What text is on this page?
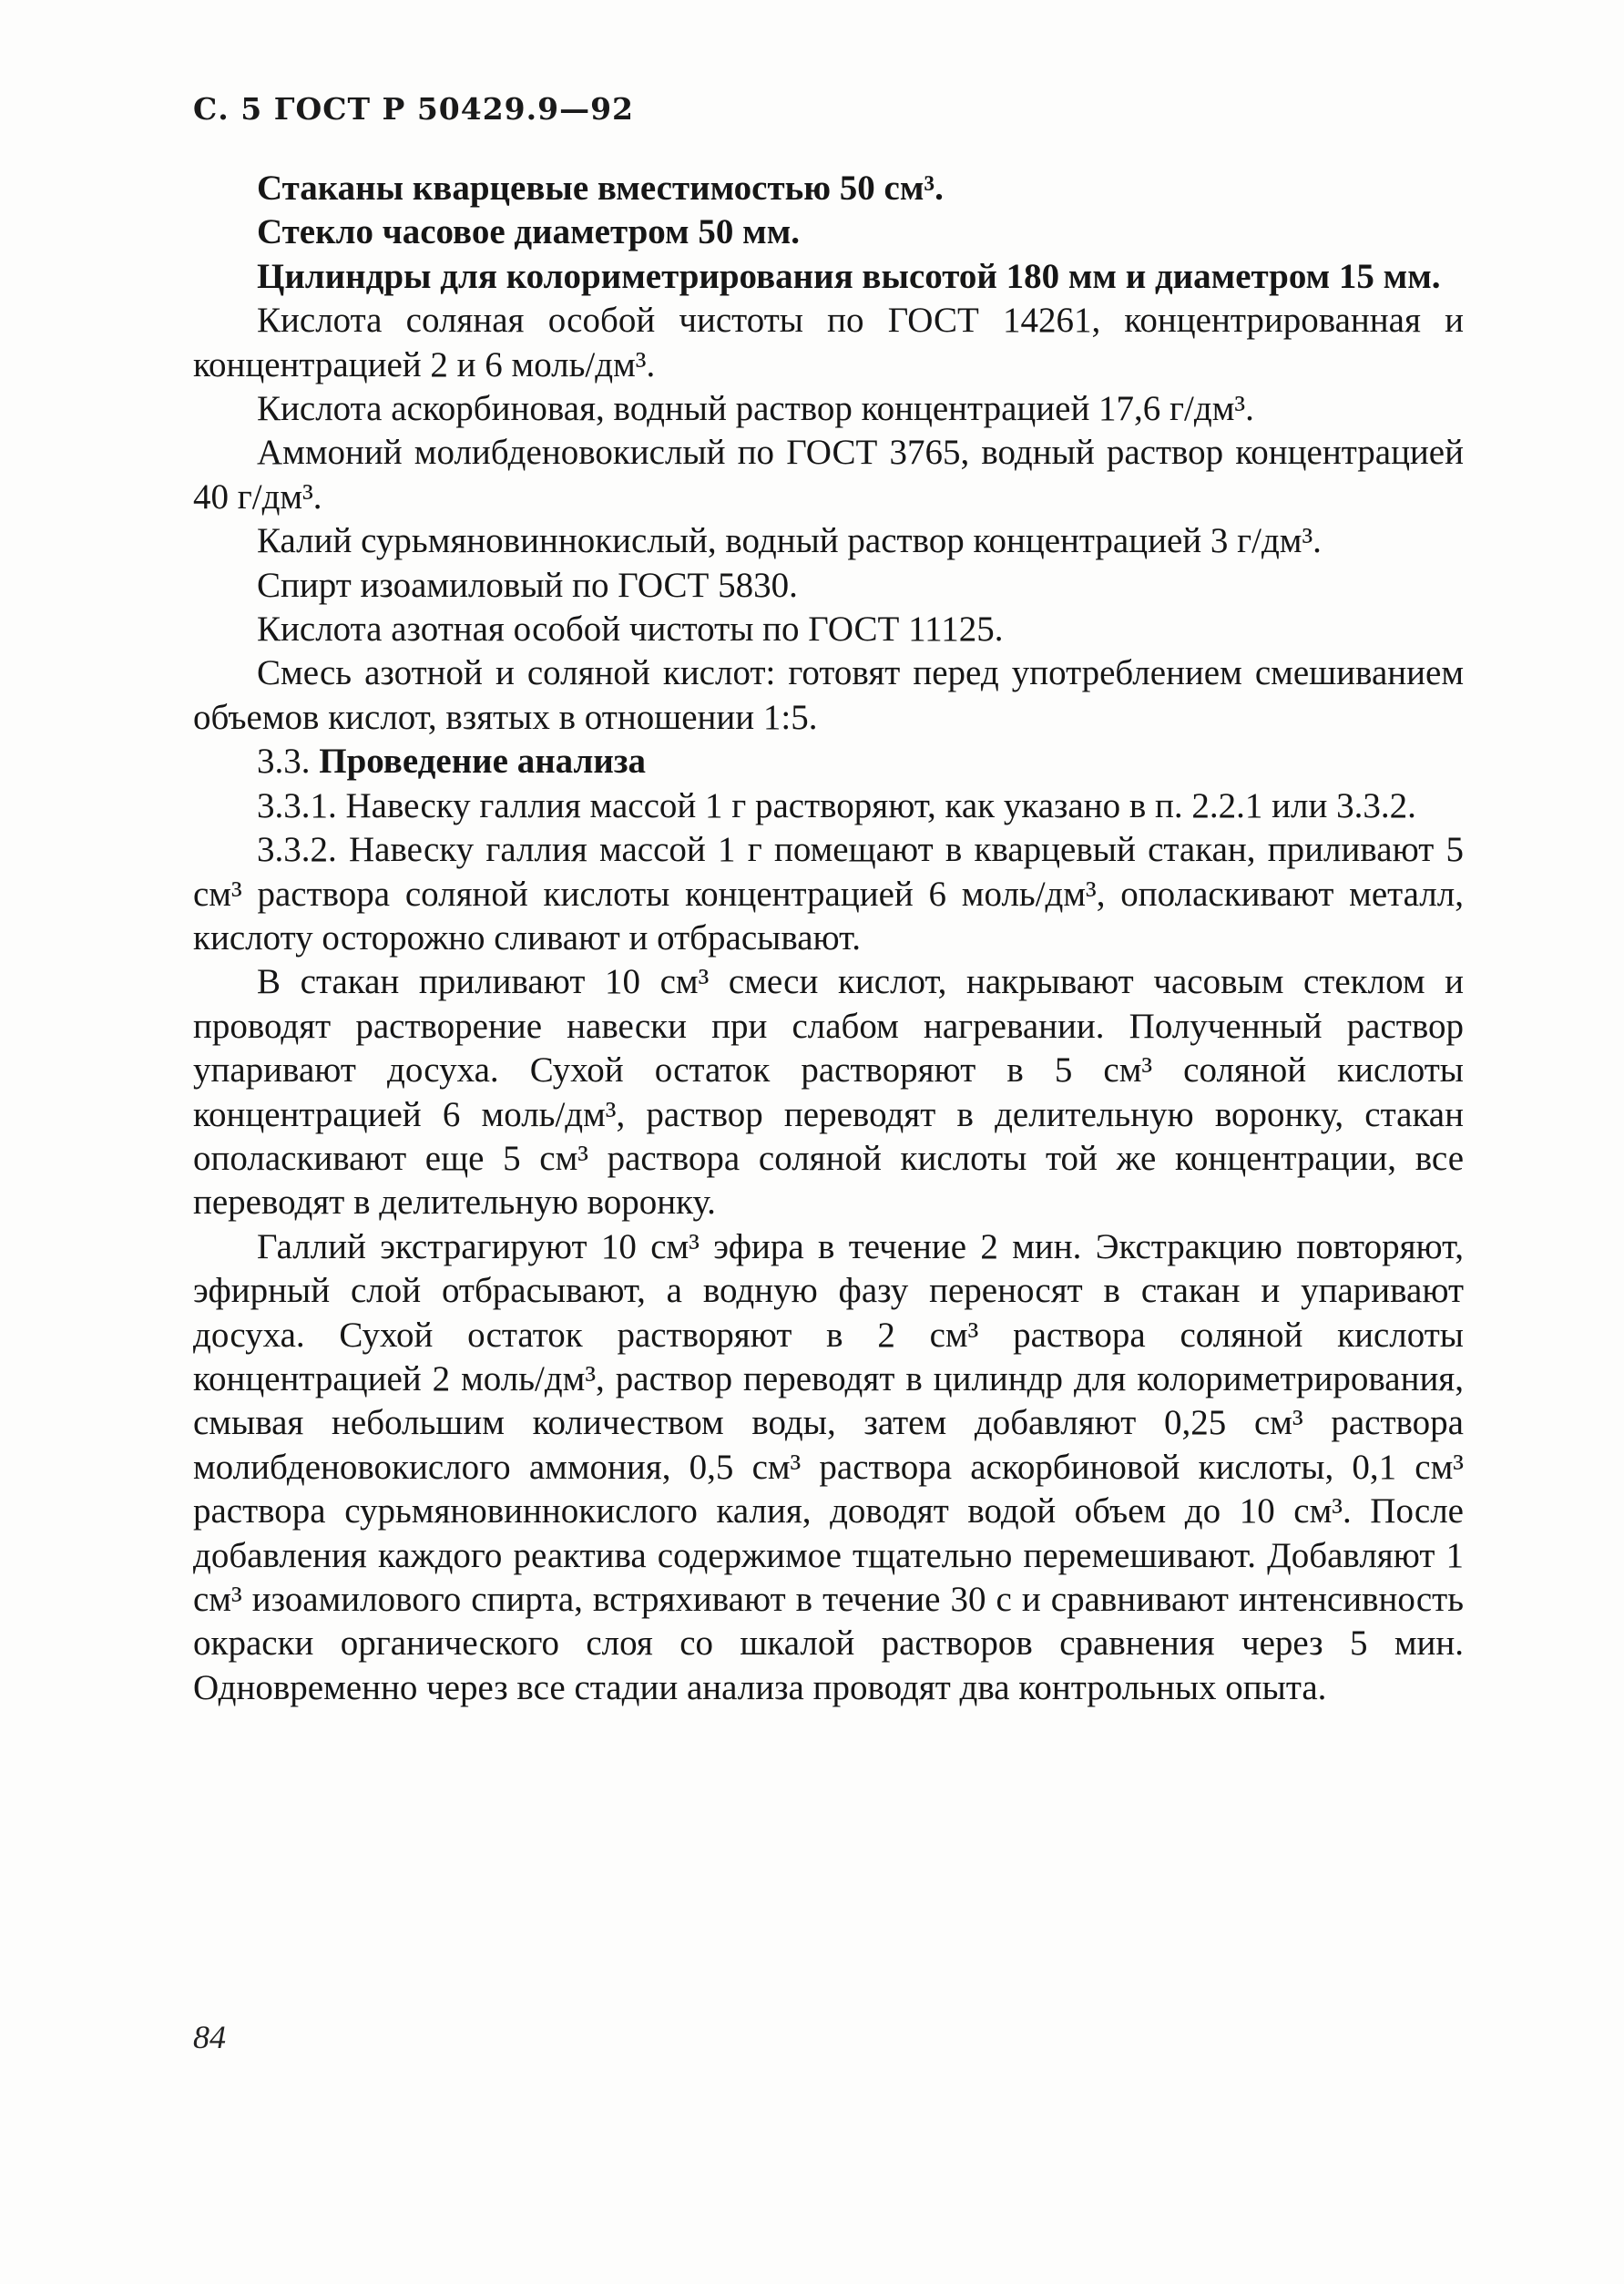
С. 5 ГОСТ Р 50429.9—92

Стаканы кварцевые вместимостью 50 см³.

Стекло часовое диаметром 50 мм.

Цилиндры для колориметрирования высотой 180 мм и диаметром 15 мм.

Кислота соляная особой чистоты по ГОСТ 14261, концентрированная и концентрацией 2 и 6 моль/дм³.

Кислота аскорбиновая, водный раствор концентрацией 17,6 г/дм³.

Аммоний молибденовокислый по ГОСТ 3765, водный раствор концентрацией 40 г/дм³.

Калий сурьмяновиннокислый, водный раствор концентрацией 3 г/дм³.

Спирт изоамиловый по ГОСТ 5830.

Кислота азотная особой чистоты по ГОСТ 11125.

Смесь азотной и соляной кислот: готовят перед употреблением смешиванием объемов кислот, взятых в отношении 1:5.

3.3. Проведение анализа

3.3.1. Навеску галлия массой 1 г растворяют, как указано в п. 2.2.1 или 3.3.2.

3.3.2. Навеску галлия массой 1 г помещают в кварцевый стакан, приливают 5 см³ раствора соляной кислоты концентрацией 6 моль/дм³, ополаскивают металл, кислоту осторожно сливают и отбрасывают.

В стакан приливают 10 см³ смеси кислот, накрывают часовым стеклом и проводят растворение навески при слабом нагревании. Полученный раствор упаривают досуха. Сухой остаток растворяют в 5 см³ соляной кислоты концентрацией 6 моль/дм³, раствор переводят в делительную воронку, стакан ополаскивают еще 5 см³ раствора соляной кислоты той же концентрации, все переводят в делительную воронку.

Галлий экстрагируют 10 см³ эфира в течение 2 мин. Экстракцию повторяют, эфирный слой отбрасывают, а водную фазу переносят в стакан и упаривают досуха. Сухой остаток растворяют в 2 см³ раствора соляной кислоты концентрацией 2 моль/дм³, раствор переводят в цилиндр для колориметрирования, смывая небольшим количеством воды, затем добавляют 0,25 см³ раствора молибденовокислого аммония, 0,5 см³ раствора аскорбиновой кислоты, 0,1 см³ раствора сурьмяновиннокислого калия, доводят водой объем до 10 см³. После добавления каждого реактива содержимое тщательно перемешивают. Добавляют 1 см³ изоамилового спирта, встряхивают в течение 30 с и сравнивают интенсивность окраски органического слоя со шкалой растворов сравнения через 5 мин. Одновременно через все стадии анализа проводят два контрольных опыта.

84
